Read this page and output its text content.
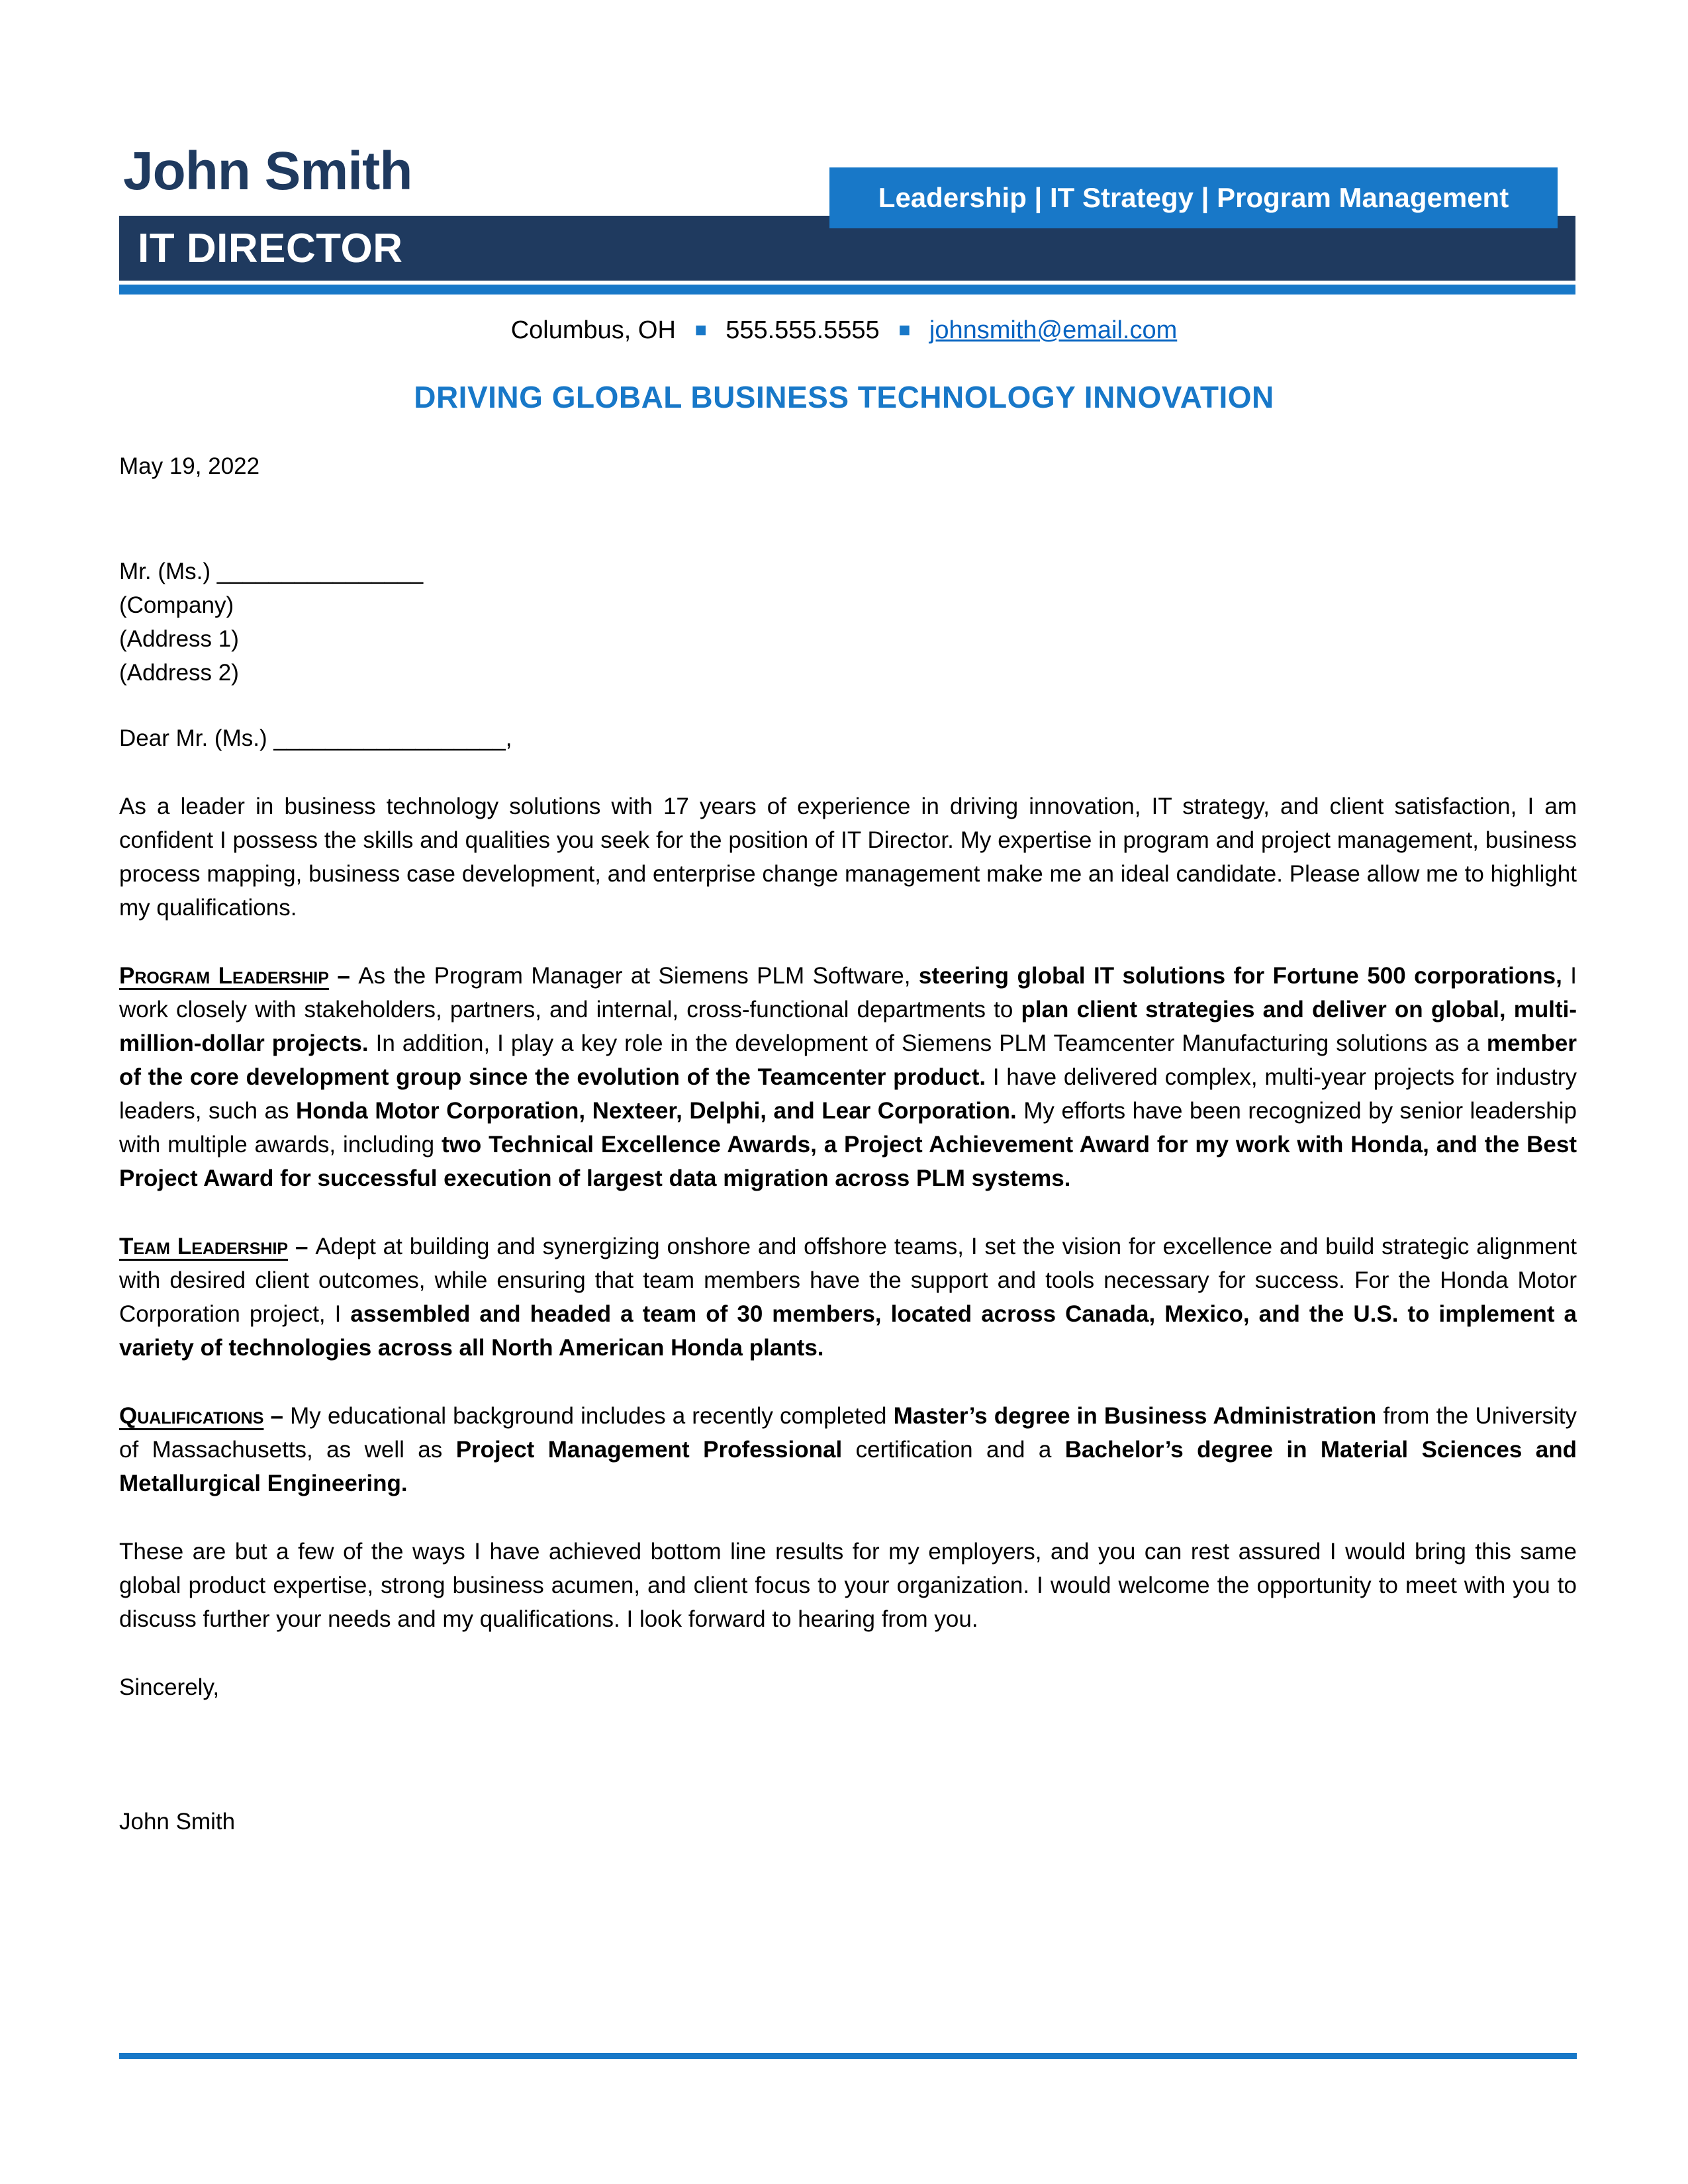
John Smith	Leadership | IT Strategy | Program Management
IT DIRECTOR
Columbus, OH ■ 555.555.5555 ■ johnsmith@email.com
DRIVING GLOBAL BUSINESS TECHNOLOGY INNOVATION
May 19, 2022
Mr. (Ms.) ________________
(Company)
(Address 1)
(Address 2)
Dear Mr. (Ms.) __________________,

As a leader in business technology solutions with 17 years of experience in driving innovation, IT strategy, and client satisfaction, I am confident I possess the skills and qualities you seek for the position of IT Director. My expertise in program and project management, business process mapping, business case development, and enterprise change management make me an ideal candidate. Please allow me to highlight my qualifications.

Program Leadership – As the Program Manager at Siemens PLM Software, steering global IT solutions for Fortune 500 corporations, I work closely with stakeholders, partners, and internal, cross-functional departments to plan client strategies and deliver on global, multi-million-dollar projects. In addition, I play a key role in the development of Siemens PLM Teamcenter Manufacturing solutions as a member of the core development group since the evolution of the Teamcenter product. I have delivered complex, multi-year projects for industry leaders, such as Honda Motor Corporation, Nexteer, Delphi, and Lear Corporation. My efforts have been recognized by senior leadership with multiple awards, including two Technical Excellence Awards, a Project Achievement Award for my work with Honda, and the Best Project Award for successful execution of largest data migration across PLM systems.

Team Leadership – Adept at building and synergizing onshore and offshore teams, I set the vision for excellence and build strategic alignment with desired client outcomes, while ensuring that team members have the support and tools necessary for success. For the Honda Motor Corporation project, I assembled and headed a team of 30 members, located across Canada, Mexico, and the U.S. to implement a variety of technologies across all North American Honda plants.

Qualifications – My educational background includes a recently completed Master’s degree in Business Administration from the University of Massachusetts, as well as Project Management Professional certification and a Bachelor’s degree in Material Sciences and Metallurgical Engineering.

These are but a few of the ways I have achieved bottom line results for my employers, and you can rest assured I would bring this same global product expertise, strong business acumen, and client focus to your organization. I would welcome the opportunity to meet with you to discuss further your needs and my qualifications. I look forward to hearing from you.

Sincerely,
John Smith
